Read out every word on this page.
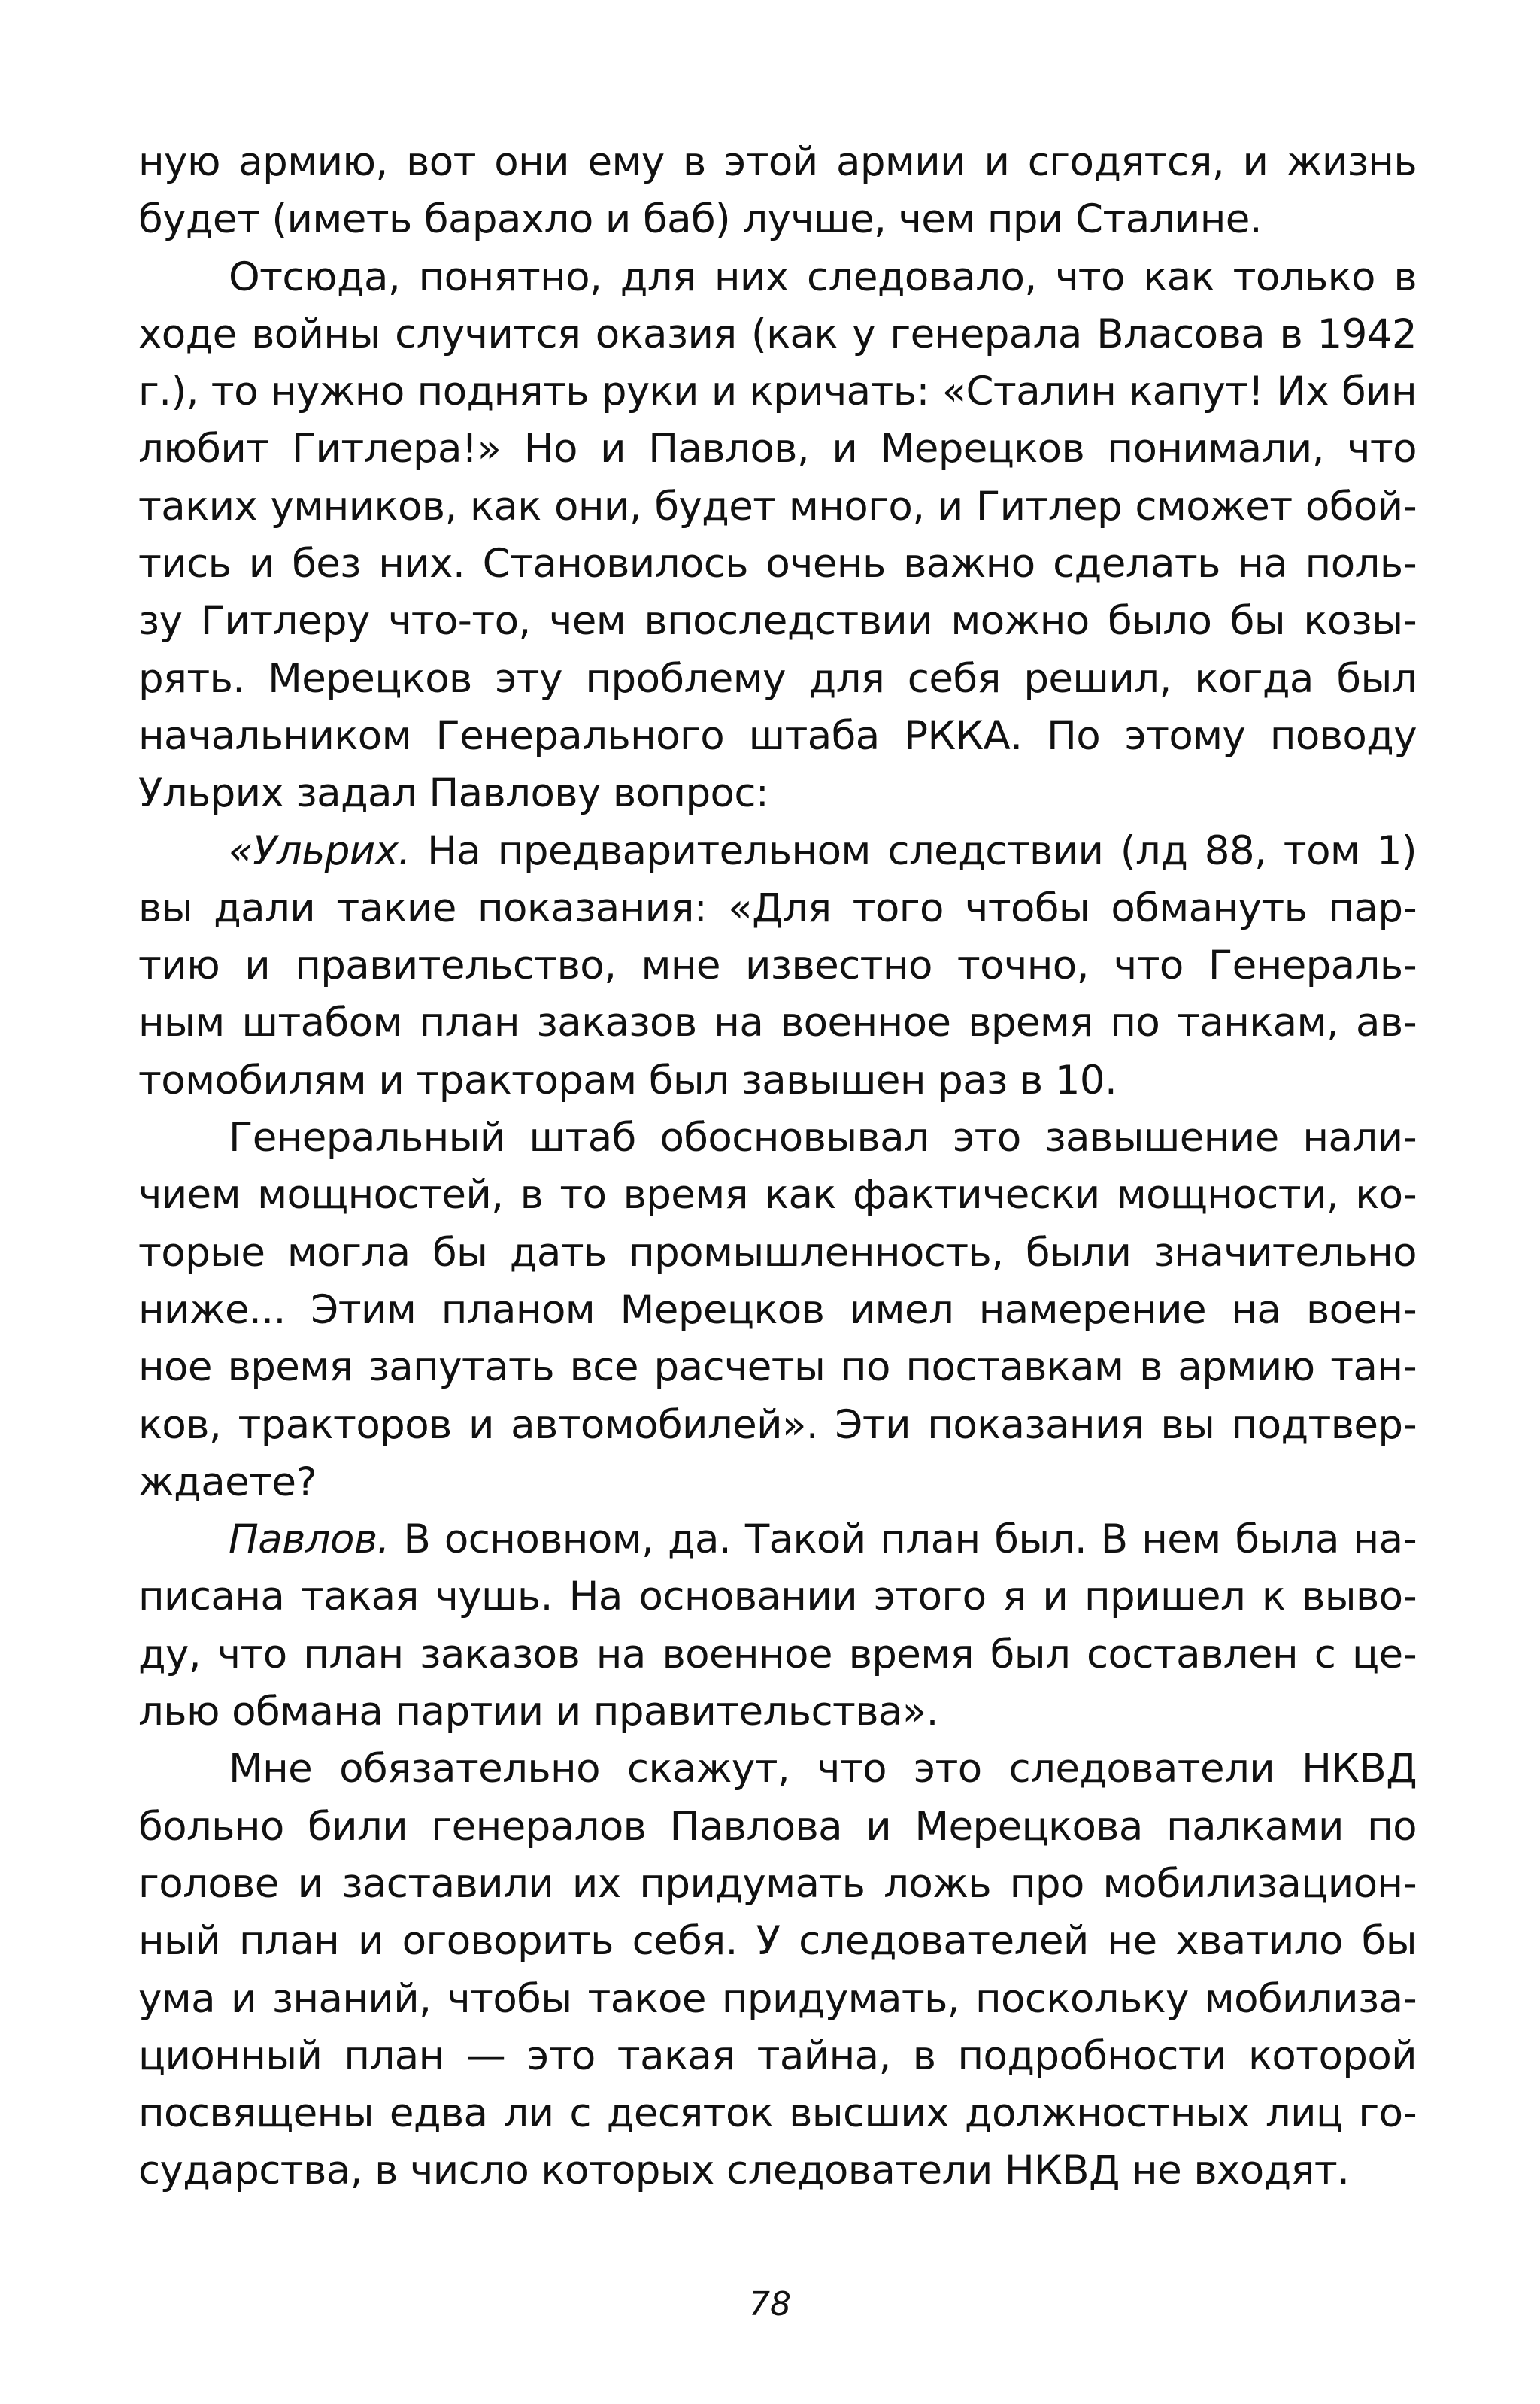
ную армию, вот они ему в этой армии и сгодятся, и жизнь
будет (иметь барахло и баб) лучше, чем при Сталине.

Отсюда, понятно, для них следовало, что как только в
ходе войны случится оказия (как у генерала Власова в 1942
г.), то нужно поднять руки и кричать: «Сталин капут! Их бин
любит Гитлера!» Но и Павлов, и Мерецков понимали, что
таких умников, как они, будет много, и Гитлер сможет обой-
тись и без них. Становилось очень важно сделать на поль-
зу Гитлеру что-то, чем впоследствии можно было бы козы-
рять. Мерецков эту проблему для себя решил, когда был
начальником Генерального штаба РККА. По этому поводу
Ульрих задал Павлову вопрос:

«Ульрих. На предварительном следствии (лд 88, том 1)
вы дали такие показания: «Для того чтобы обмануть пар-
тию и правительство, мне известно точно, что Генераль-
ным штабом план заказов на военное время по танкам, ав-
томобилям и тракторам был завышен раз в 10.

Генеральный штаб обосновывал это завышение нали-
чием мощностей, в то время как фактически мощности, ко-
торые могла бы дать промышленность, были значительно
ниже... Этим планом Мерецков имел намерение на воен-
ное время запутать все расчеты по поставкам в армию тан-
ков, тракторов и автомобилей». Эти показания вы подтвер-
ждаете?

Павлов. В основном, да. Такой план был. В нем была на-
писана такая чушь. На основании этого я и пришел к выво-
ду, что план заказов на военное время был составлен с це-
лью обмана партии и правительства».

Мне обязательно скажут, что это следователи НКВД
больно били генералов Павлова и Мерецкова палками по
голове и заставили их придумать ложь про мобилизацион-
ный план и оговорить себя. У следователей не хватило бы
ума и знаний, чтобы такое придумать, поскольку мобилиза-
ционный план — это такая тайна, в подробности которой
посвящены едва ли с десяток высших должностных лиц го-
сударства, в число которых следователи НКВД не входят.

78
